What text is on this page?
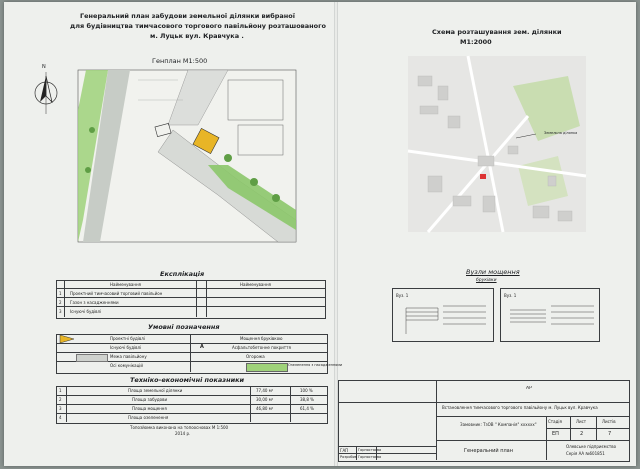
Генеральний план забудови земельної ділянки вибраної
для будівництва тимчасового торгового павільйону розташованого
м. Луцьк вул. Кравчука .
Генплан М1:500
N
Експлікація
Найменування	Найменування
1 Проектний тимчасовий торговий павільйон
2 Газон з насадженнями
3 Існуючі будівлі
Умовні позначення
Проектні будівлі	Мощення бруківкою
Існуючі будівлі	A	Асфальтобетонне покриття
Межа павільйону	Огорожа
Осі комунікацій	Озеленення з насадженнями
Техніко-економічні показники
1	Площа земельної ділянки	77,40 м²	100 %
2	Площа забудови	30,00 м²	38,8 %
3	Площа мощення	46,80 м²	61,4 %
4	Площа озеленення
Топозйомка виконана на топоосновах М 1:500
2014 р.
Схема розташування зем. ділянки
М1:2000
Земельна ділянка
Вузли мощення
бруківки
Вуз. 1	Вуз. 1
АР
Встановлення тимчасового торгового павільйону м. Луцьк вул. Кравчука
Замовник: ТзОВ " Компанія" хххххх"
Стадія	Лист	Листів
ЕП	2	7
Генеральний план
Олевське підприємство
Серія АА №601851
ГАП	Горностаєва
Розробив Горностаєва
